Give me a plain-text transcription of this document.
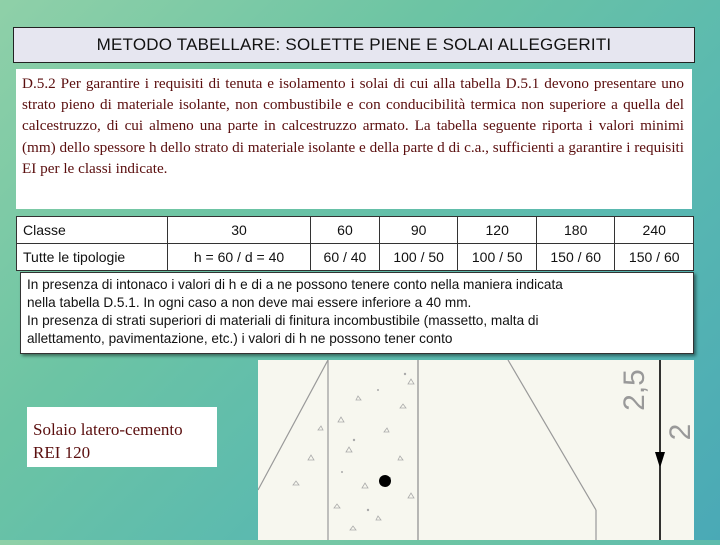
METODO TABELLARE: SOLETTE PIENE E SOLAI ALLEGGERITI
D.5.2 Per garantire i requisiti di tenuta e isolamento i solai di cui alla tabella D.5.1 devono presentare uno strato pieno di materiale isolante, non combustibile e con conducibilità termica non superiore a quella del calcestruzzo, di cui almeno una parte in calcestruzzo armato. La tabella seguente riporta i valori minimi (mm) dello spessore h dello strato di materiale isolante e della parte d di c.a., sufficienti a garantire i requisiti EI per le classi indicate.
Classe	30	60	90	120	180	240
Tutte le tipologie	h = 60 / d = 40	60 / 40	100 / 50	100 / 50	150 / 60	150 / 60
In presenza di intonaco i valori di h e di a ne possono tenere conto nella maniera indicata
nella tabella D.5.1. In ogni caso a non deve mai essere inferiore a 40 mm.
In presenza di strati superiori di materiali di finitura incombustibile (massetto, malta di
allettamento, pavimentazione, etc.) i valori di h ne possono tener conto
2,5
2
Solaio latero-cemento
REI 120
